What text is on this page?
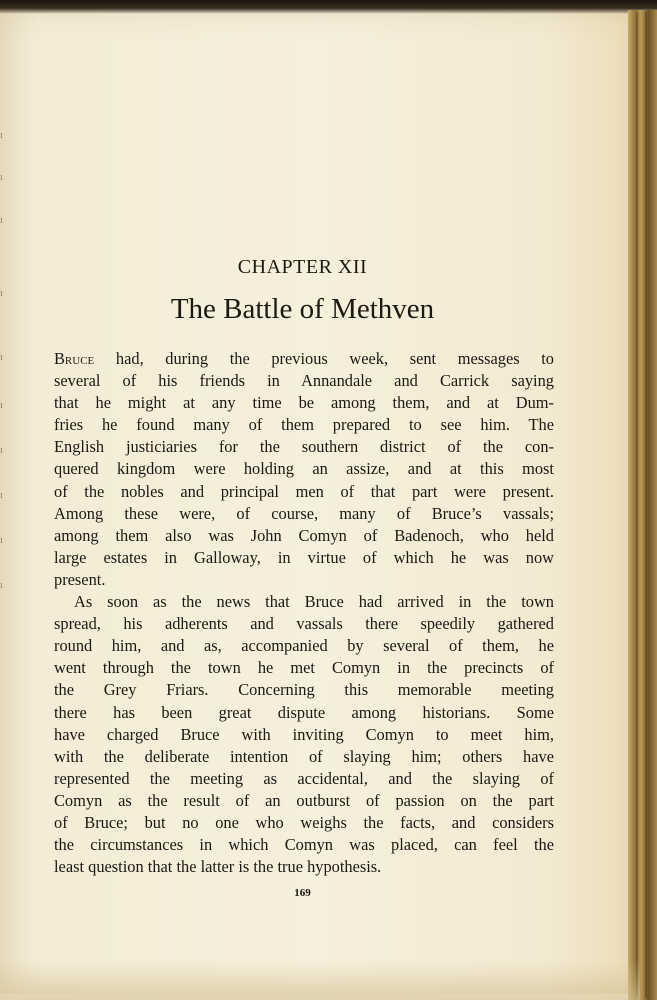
ı
ı
ı
ı
ı
ı
ı
ı
ı
ı
CHAPTER XII
The Battle of Methven
Bruce had, during the previous week, sent messages to
several of his friends in Annandale and Carrick saying
that he might at any time be among them, and at Dum-
fries he found many of them prepared to see him. The
English justiciaries for the southern district of the con-
quered kingdom were holding an assize, and at this most
of the nobles and principal men of that part were present.
Among these were, of course, many of Bruce’s vassals;
among them also was John Comyn of Badenoch, who held
large estates in Galloway, in virtue of which he was now
present.
As soon as the news that Bruce had arrived in the town
spread, his adherents and vassals there speedily gathered
round him, and as, accompanied by several of them, he
went through the town he met Comyn in the precincts of
the Grey Friars. Concerning this memorable meeting
there has been great dispute among historians. Some
have charged Bruce with inviting Comyn to meet him,
with the deliberate intention of slaying him; others have
represented the meeting as accidental, and the slaying of
Comyn as the result of an outburst of passion on the part
of Bruce; but no one who weighs the facts, and considers
the circumstances in which Comyn was placed, can feel the
least question that the latter is the true hypothesis.
169
